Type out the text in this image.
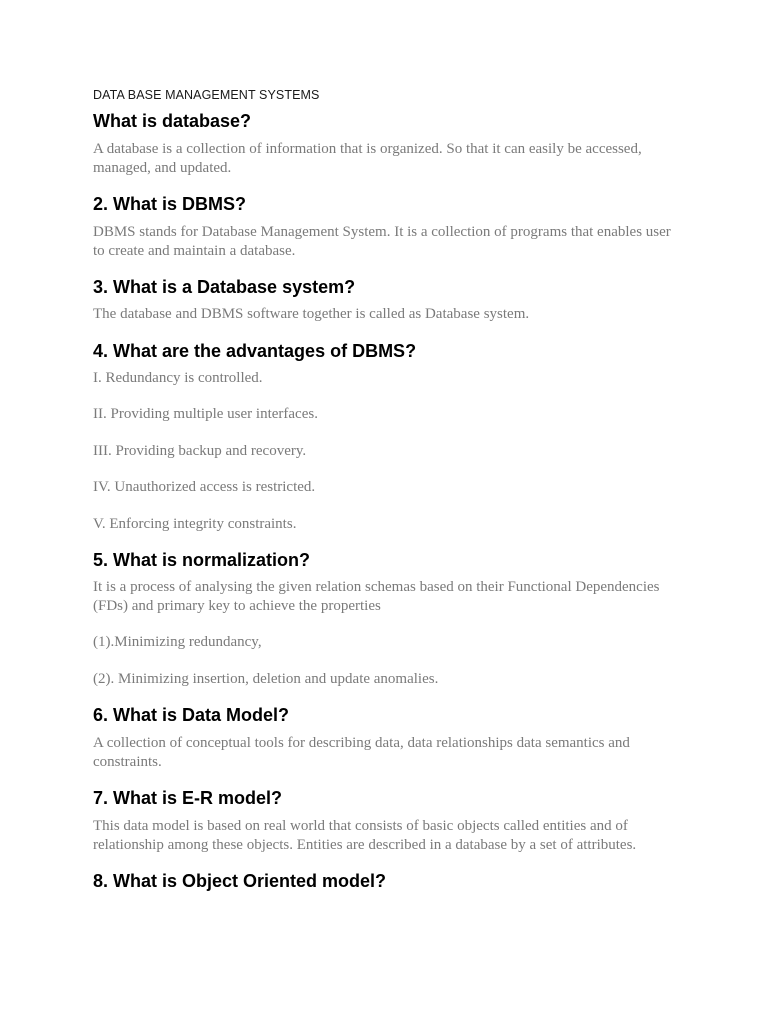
DATA BASE MANAGEMENT SYSTEMS
What is database?
A database is a collection of information that is organized. So that it can easily be accessed, managed, and updated.
2. What is DBMS?
DBMS stands for Database Management System. It is a collection of programs that enables user to create and maintain a database.
3. What is a Database system?
The database and DBMS software together is called as Database system.
4. What are the advantages of DBMS?
I. Redundancy is controlled.
II. Providing multiple user interfaces.
III. Providing backup and recovery.
IV. Unauthorized access is restricted.
V. Enforcing integrity constraints.
5. What is normalization?
It is a process of analysing the given relation schemas based on their Functional Dependencies (FDs) and primary key to achieve the properties
(1).Minimizing redundancy,
(2). Minimizing insertion, deletion and update anomalies.
6. What is Data Model?
A collection of conceptual tools for describing data, data relationships data semantics and constraints.
7. What is E-R model?
This data model is based on real world that consists of basic objects called entities and of relationship among these objects. Entities are described in a database by a set of attributes.
8. What is Object Oriented model?
